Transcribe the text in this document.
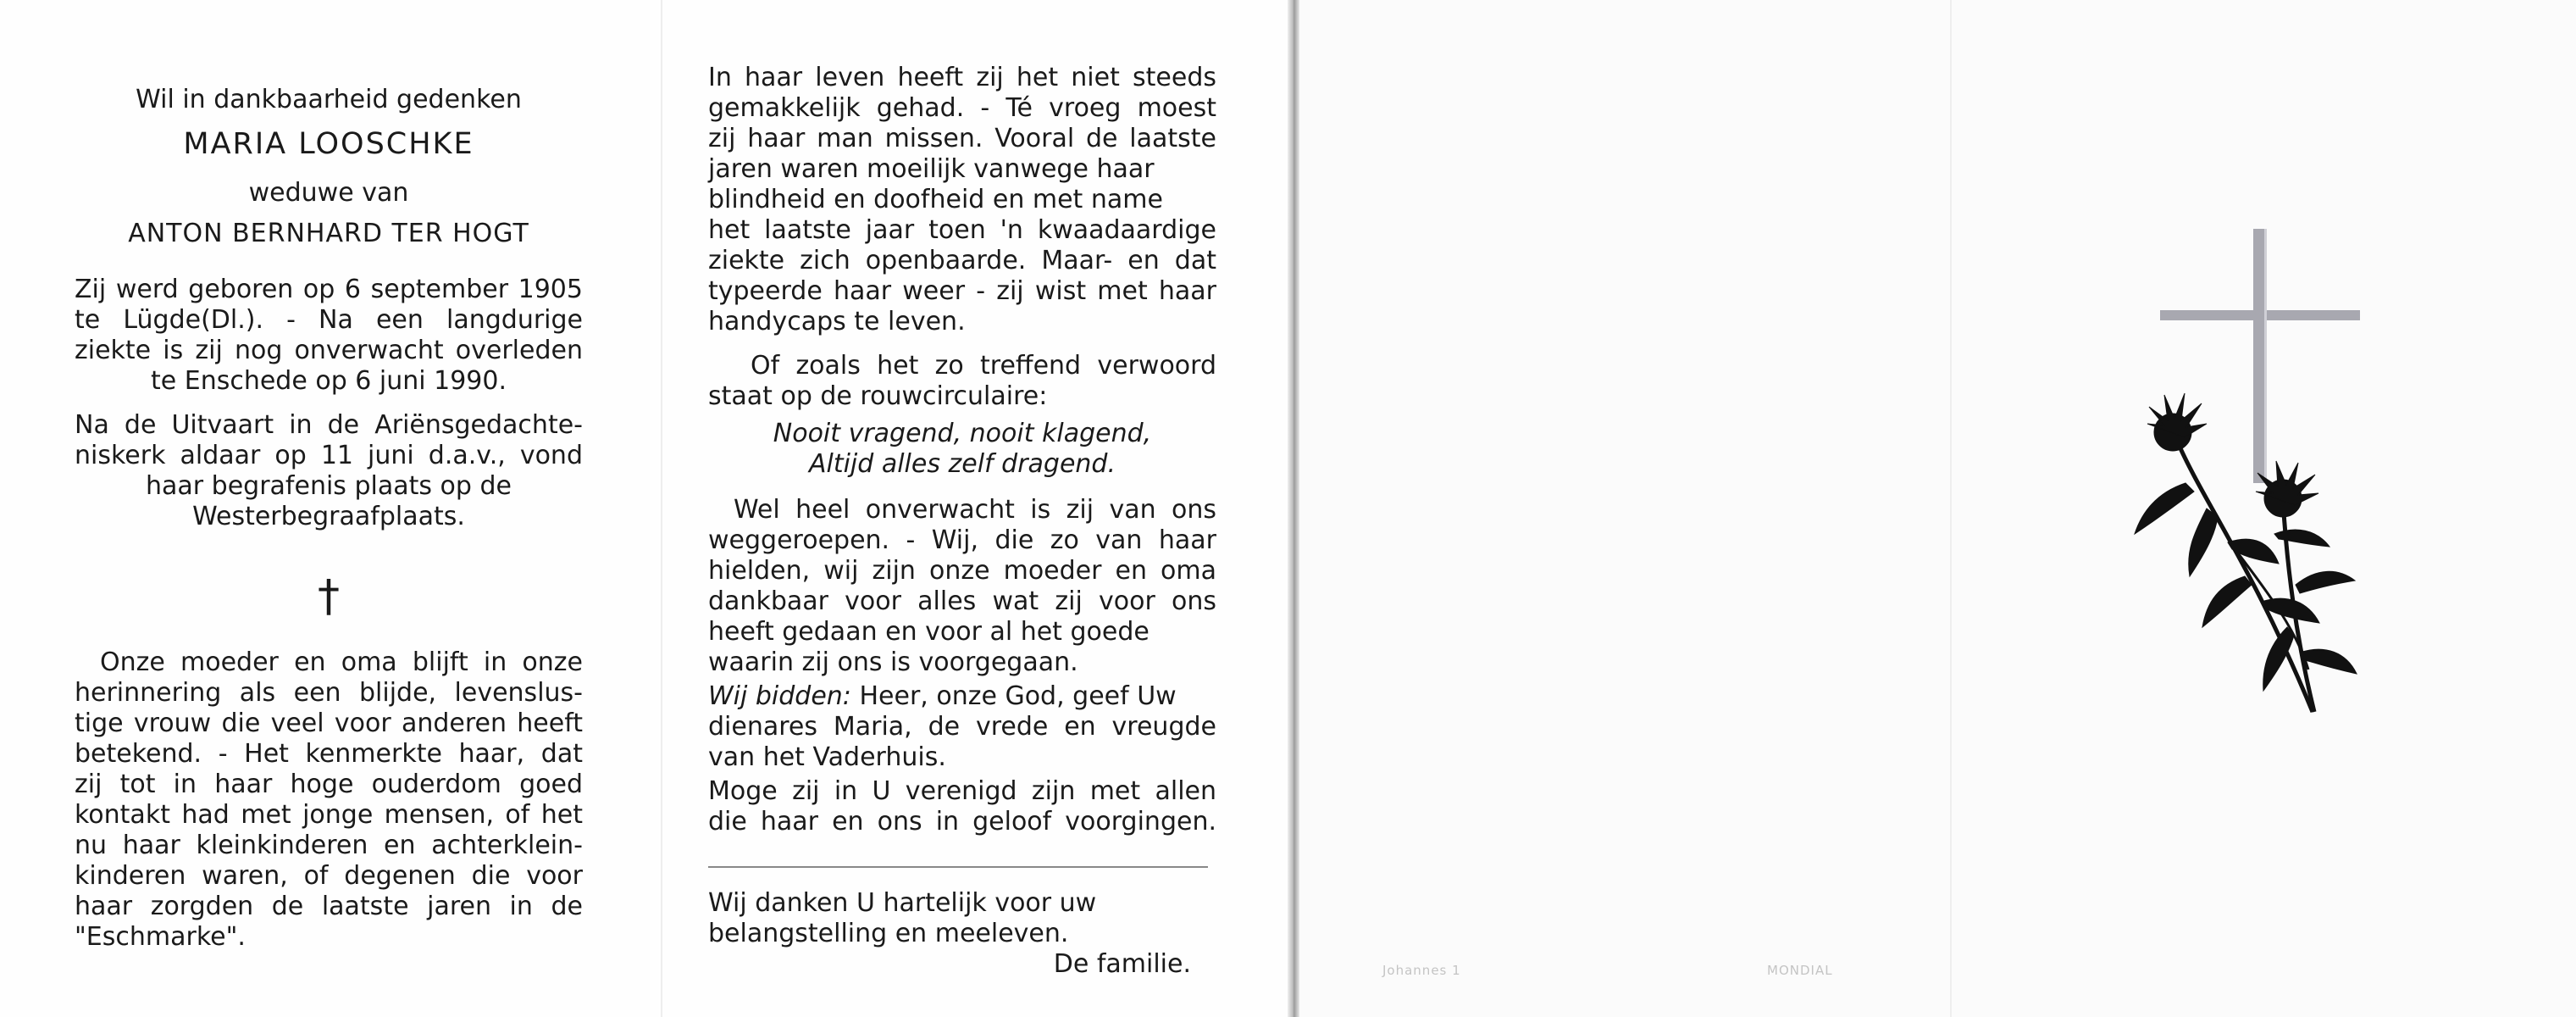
Wil in dankbaarheid gedenken
MARIA LOOSCHKE
weduwe van
ANTON BERNHARD TER HOGT
Zij werd geboren op 6 september 1905
te Lügde(Dl.). - Na een langdurige
ziekte is zij nog onverwacht overleden
te Enschede op 6 juni 1990.
Na de Uitvaart in de Ariënsgedachte-
niskerk aldaar op 11 juni d.a.v., vond
haar begrafenis plaats op de
Westerbegraafplaats.
†
Onze moeder en oma blijft in onze
herinnering als een blijde, levenslus-
tige vrouw die veel voor anderen heeft
betekend. - Het kenmerkte haar, dat
zij tot in haar hoge ouderdom goed
kontakt had met jonge mensen, of het
nu haar kleinkinderen en achterklein-
kinderen waren, of degenen die voor
haar zorgden de laatste jaren in de
"Eschmarke".
In haar leven heeft zij het niet steeds
gemakkelijk gehad. - Té vroeg moest
zij haar man missen. Vooral de laatste
jaren waren moeilijk vanwege haar
blindheid en doofheid en met name
het laatste jaar toen 'n kwaadaardige
ziekte zich openbaarde. Maar- en dat
typeerde haar weer - zij wist met haar
handycaps te leven.
Of zoals het zo treffend verwoord
staat op de rouwcirculaire:
Nooit vragend, nooit klagend,
Altijd alles zelf dragend.
Wel heel onverwacht is zij van ons
weggeroepen. - Wij, die zo van haar
hielden, wij zijn onze moeder en oma
dankbaar voor alles wat zij voor ons
heeft gedaan en voor al het goede
waarin zij ons is voorgegaan.
Wij bidden: Heer, onze God, geef Uw
dienares Maria, de vrede en vreugde
van het Vaderhuis.
Moge zij in U verenigd zijn met allen
die haar en ons in geloof voorgingen.
Wij danken U hartelijk voor uw
belangstelling en meeleven.
De familie.	Johannes 1	MONDIAL
